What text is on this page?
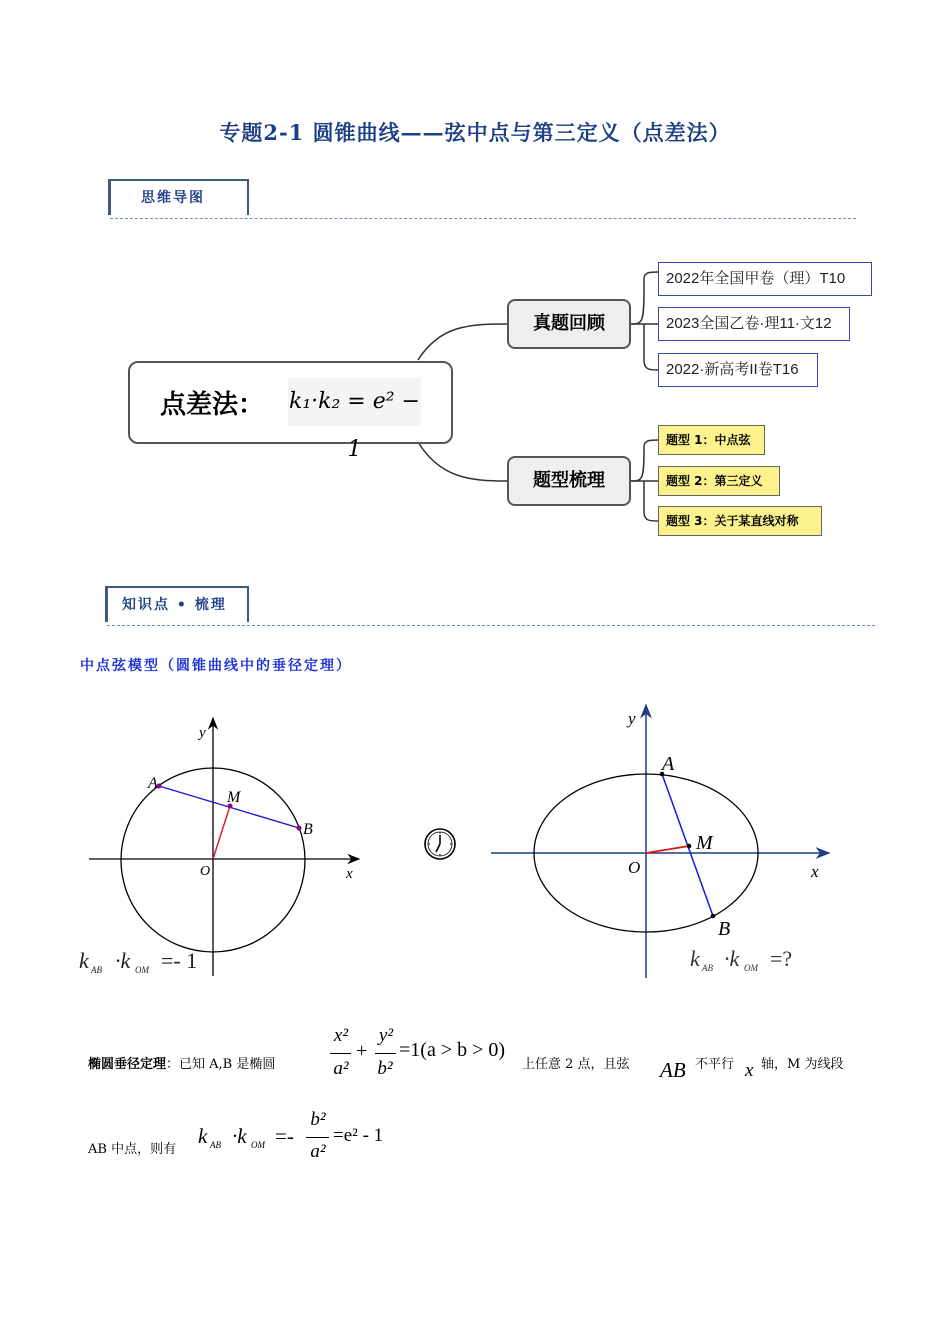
专题2-1 圆锥曲线——弦中点与第三定义（点差法）
思维导图
点差法： k₁·k₂ = e² − 1
真题回顾
题型梳理
2022年全国甲卷（理）T10
2023全国乙卷·理11·文12
2022·新高考II卷T16
题型 1：中点弦
题型 2：第三定义
题型 3：关于某直线对称
知识点 • 梳理
中点弦模型（圆锥曲线中的垂径定理）
y
x
O
A
B
M
k AB ·k OM =- 1
y
x
O
A
B
M
k AB ·k OM =?
椭圆垂径定理：已知 A,B 是椭圆
x²
a²
+
y²
b²
=1(a > b > 0)
上任意 2 点，且弦 AB 不平行 x 轴，M 为线段
AB 中点，则有
k AB ·k OM =-
b²
a²
=e² - 1
